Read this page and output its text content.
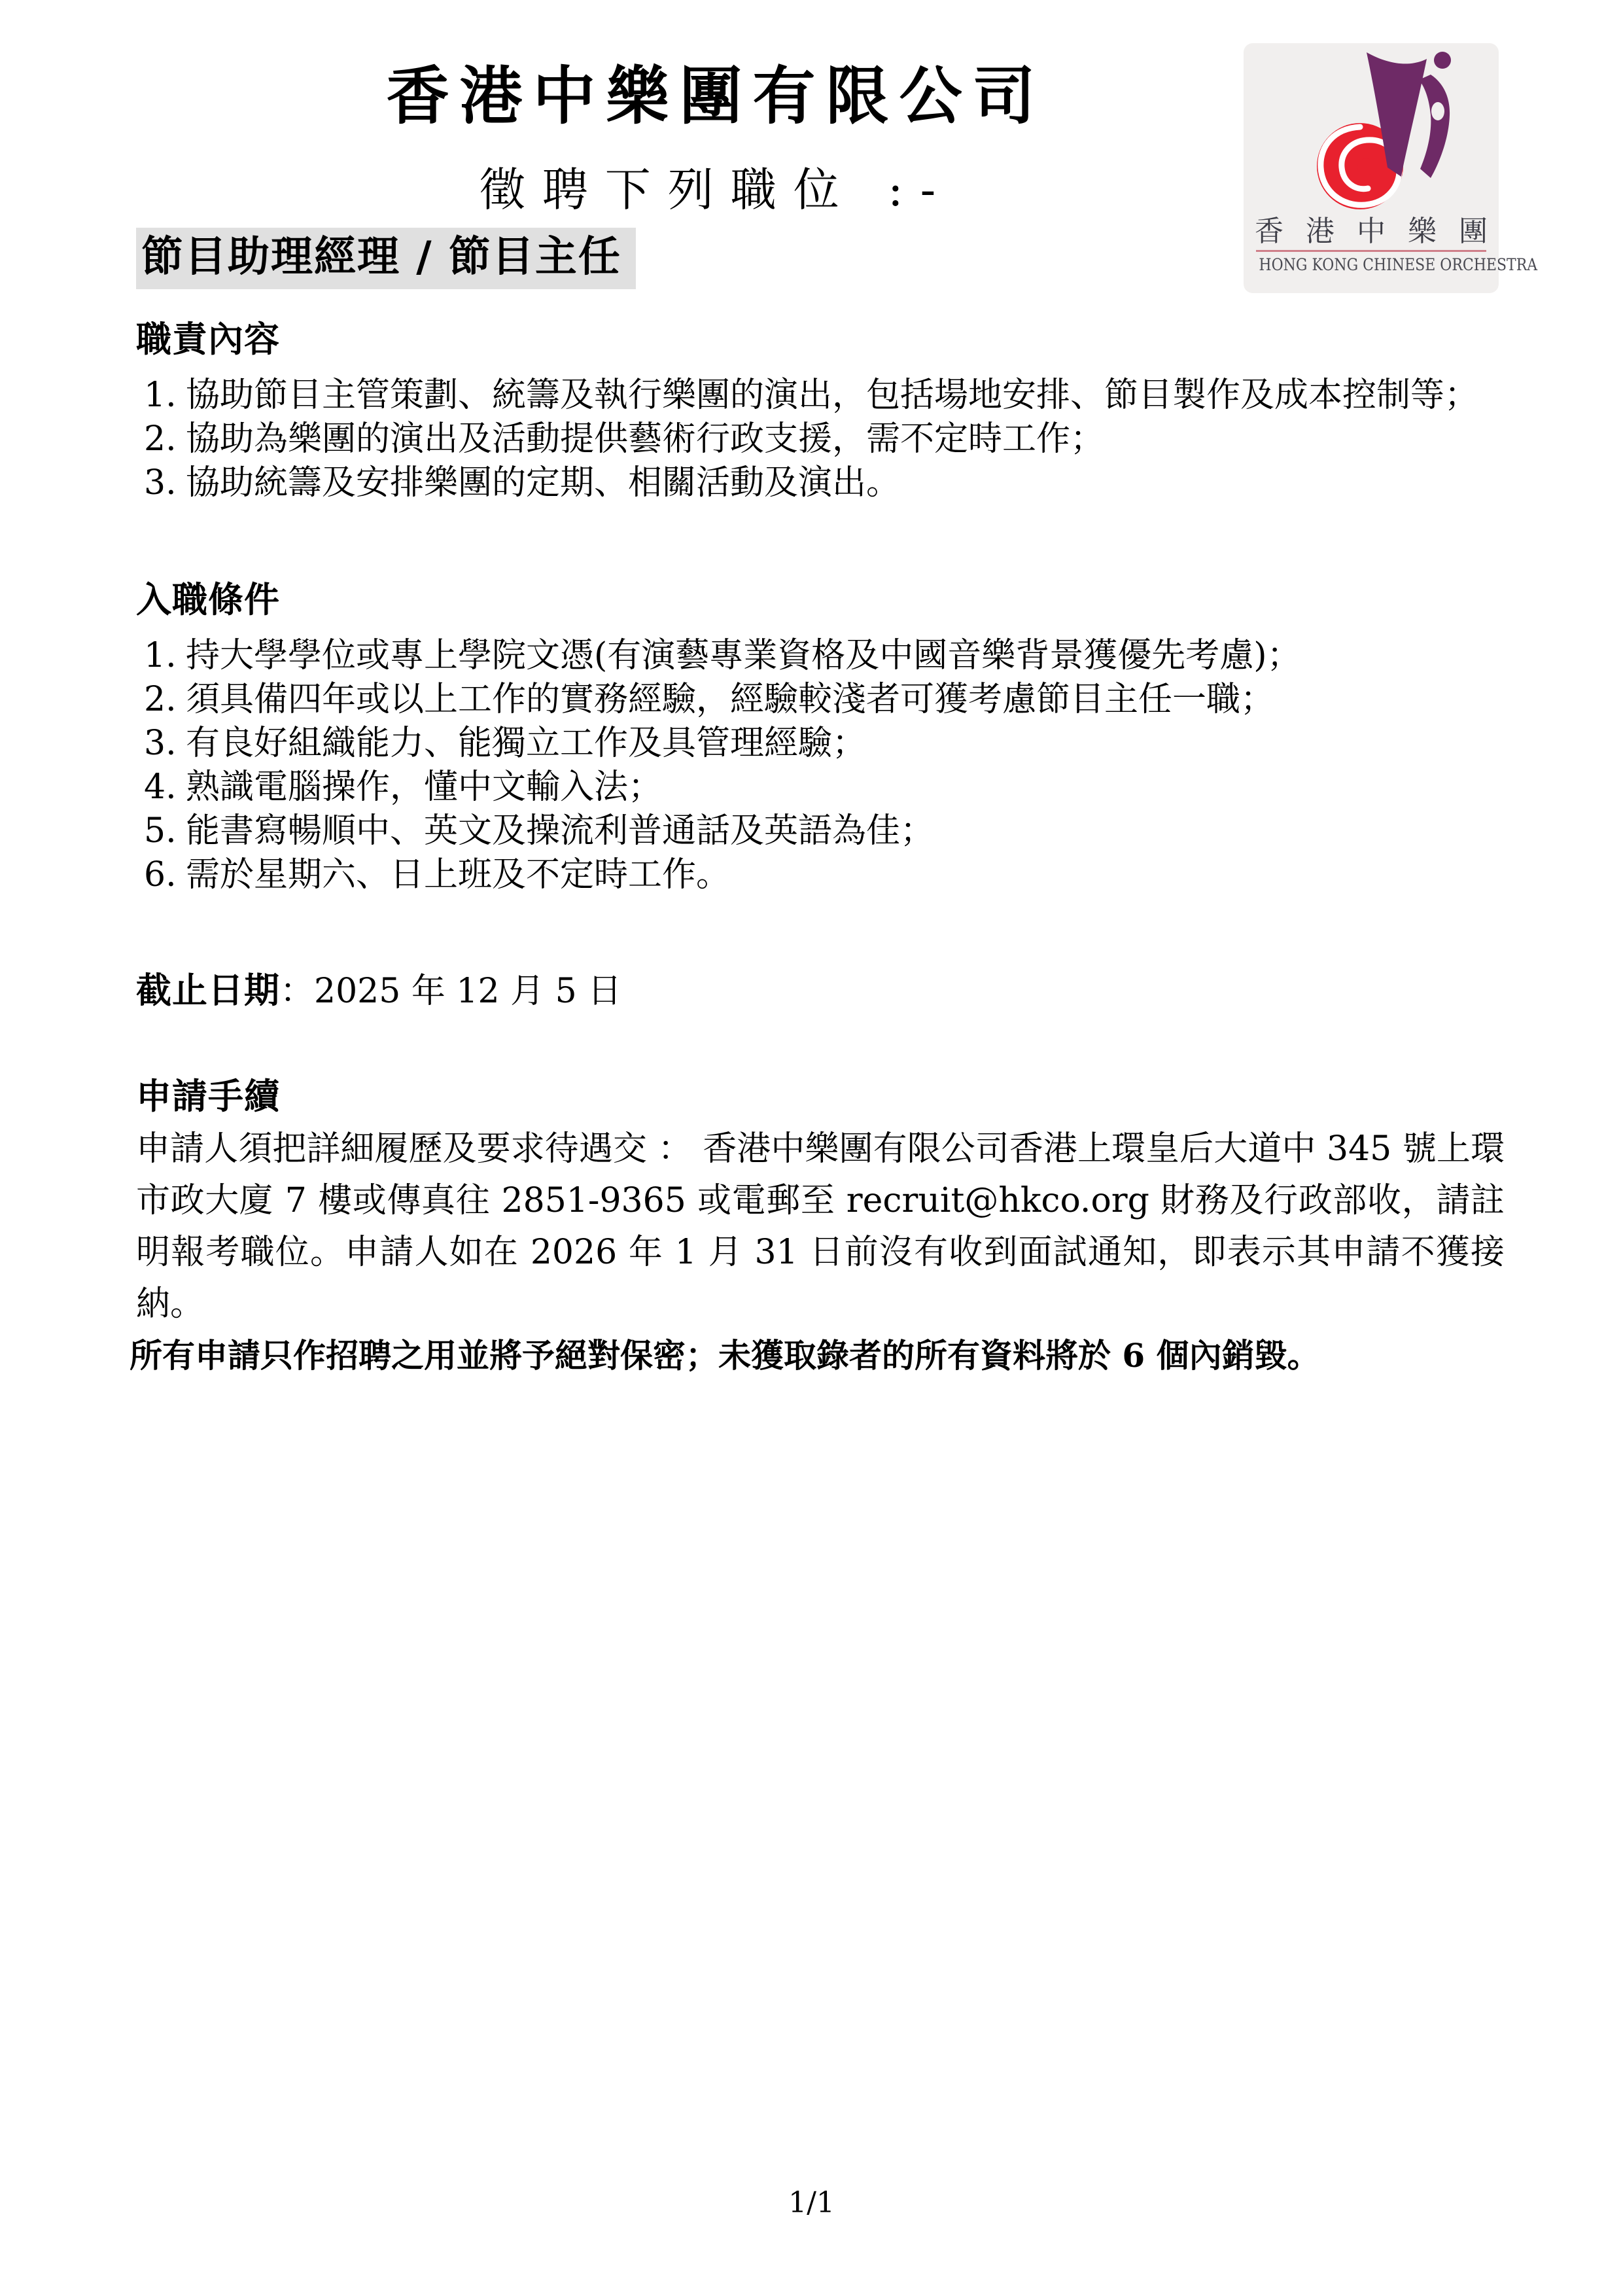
香港中樂團
HONG KONG CHINESE ORCHESTRA
香港中樂團有限公司
徵聘下列職位 :-
節目助理經理 / 節目主任
職責內容
1. 協助節目主管策劃、統籌及執行樂團的演出，包括場地安排、節目製作及成本控制等；
2. 協助為樂團的演出及活動提供藝術行政支援，需不定時工作；
3. 協助統籌及安排樂團的定期、相關活動及演出。
入職條件
1. 持大學學位或專上學院文憑(有演藝專業資格及中國音樂背景獲優先考慮)；
2. 須具備四年或以上工作的實務經驗，經驗較淺者可獲考慮節目主任一職；
3. 有良好組織能力、能獨立工作及具管理經驗；
4. 熟識電腦操作，懂中文輸入法；
5. 能書寫暢順中、英文及操流利普通話及英語為佳；
6. 需於星期六、日上班及不定時工作。
截止日期：2025 年 12 月 5 日
申請手續

申請人須把詳細履歷及要求待遇交 ： 香港中樂團有限公司香港上環皇后大道中 345 號上環市政大廈 7 樓或傳真往 2851-9365 或電郵至 recruit@hkco.org 財務及行政部收，請註明報考職位。申請人如在 2026 年 1 月 31 日前沒有收到面試通知，即表示其申請不獲接納。

所有申請只作招聘之用並將予絕對保密；未獲取錄者的所有資料將於 6 個內銷毀。

1/1
